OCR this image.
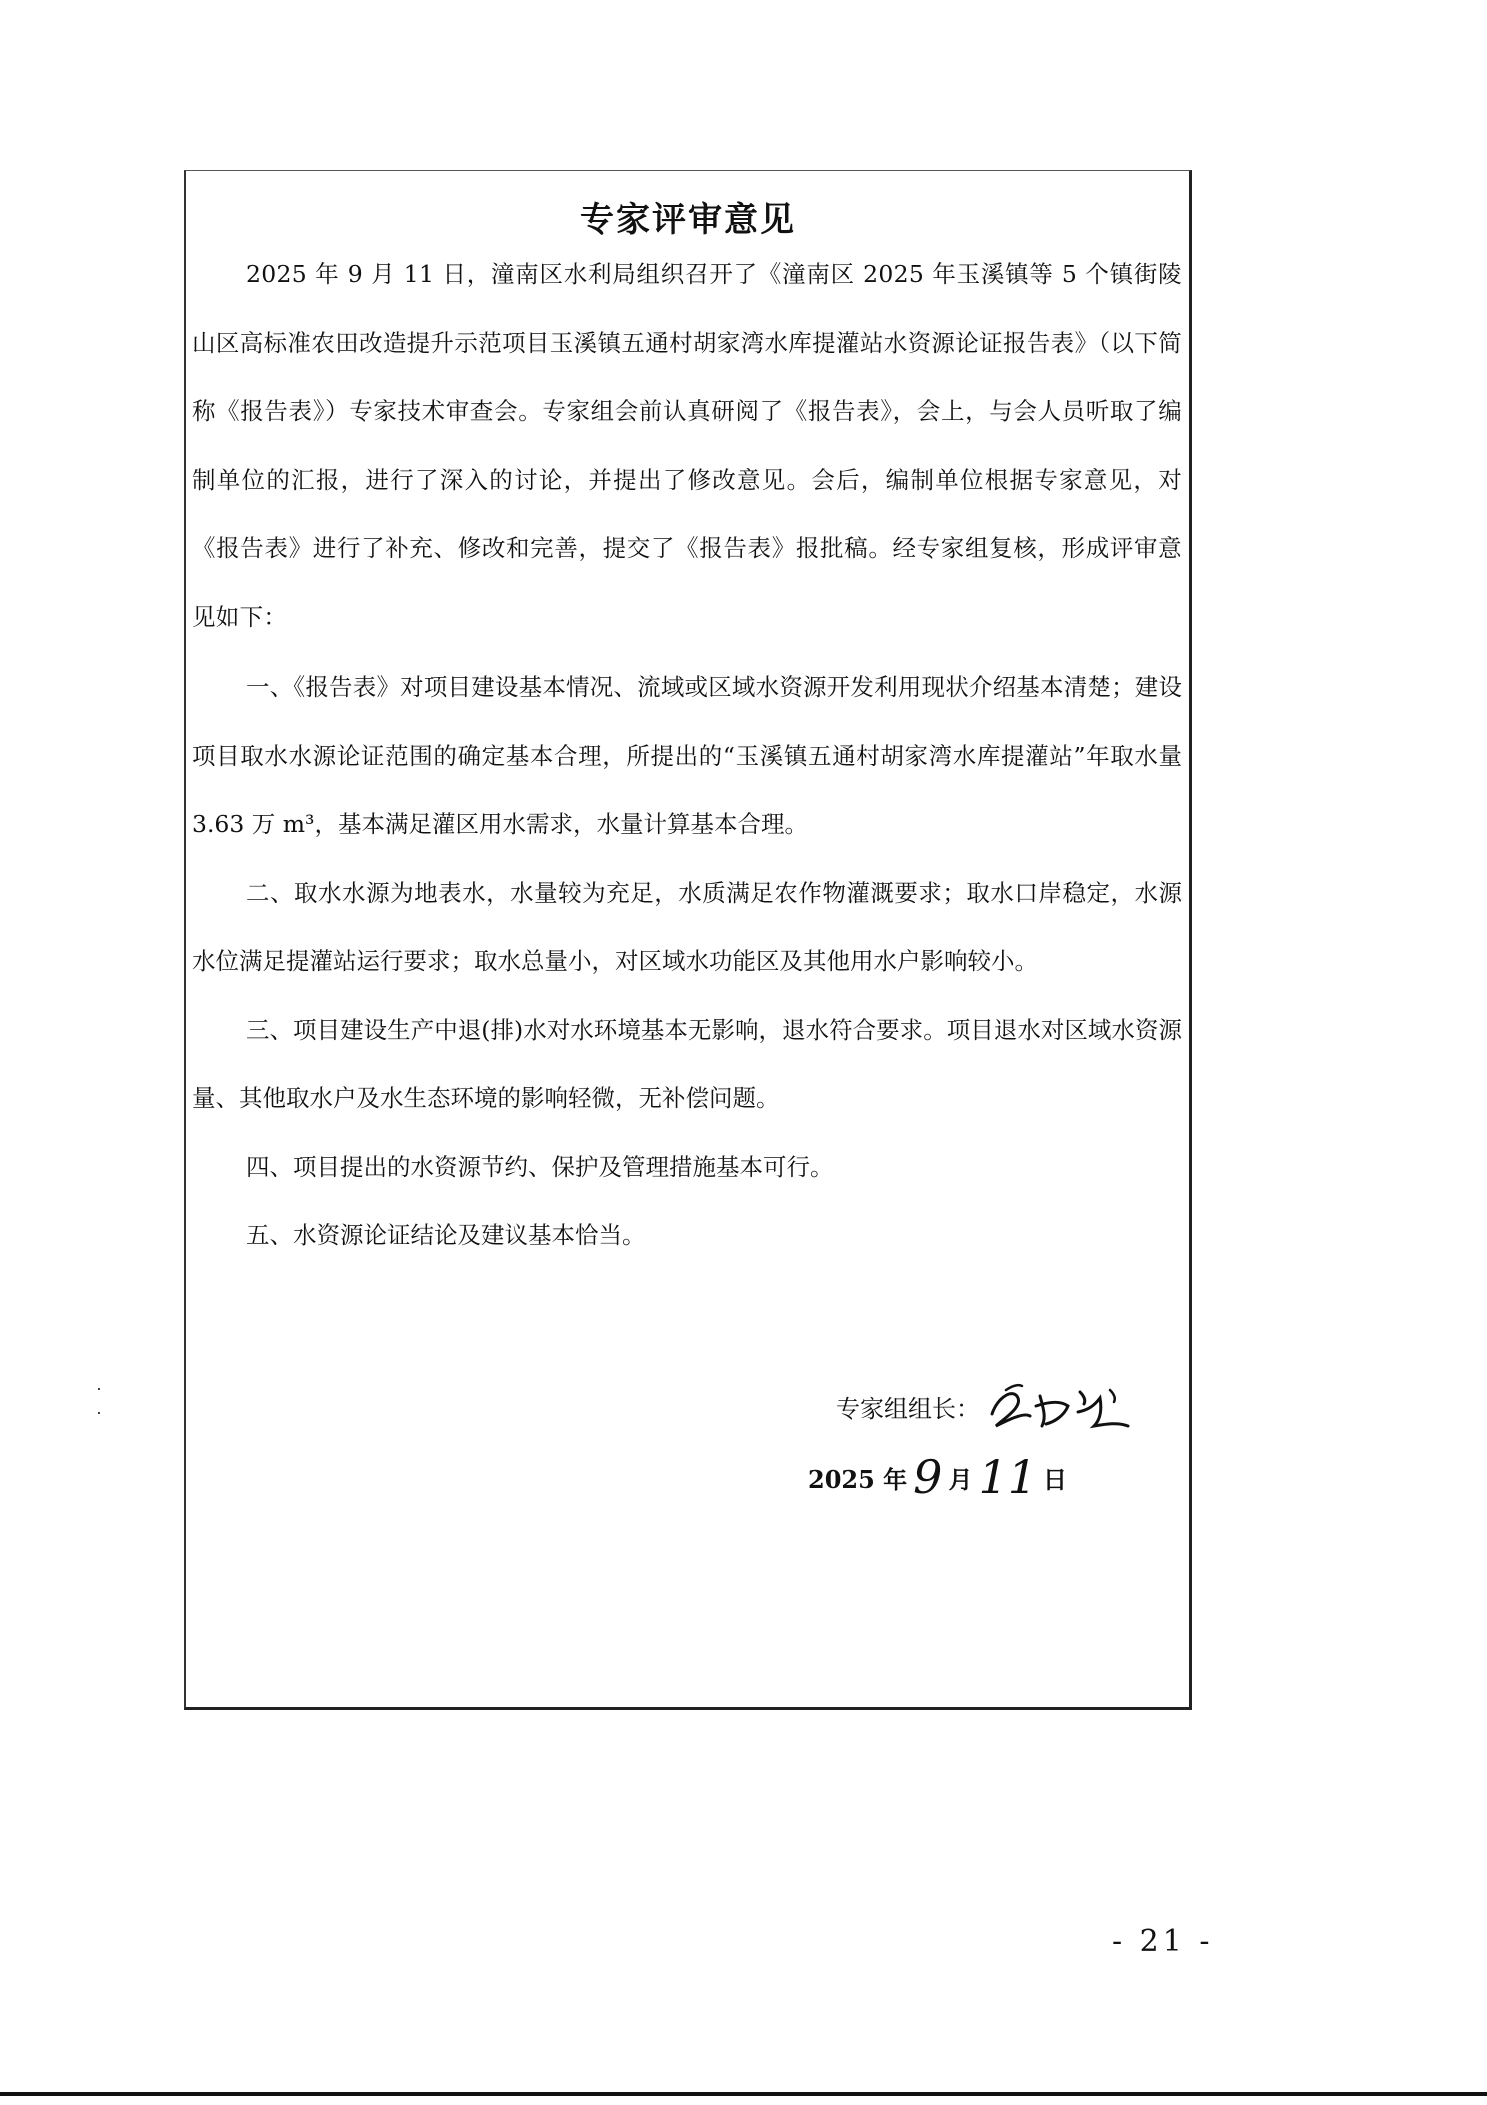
专家评审意见

2025 年 9 月 11 日，潼南区水利局组织召开了《潼南区 2025 年玉溪镇等 5 个镇街陵山区高标准农田改造提升示范项目玉溪镇五通村胡家湾水库提灌站水资源论证报告表》（以下简称《报告表》）专家技术审查会。专家组会前认真研阅了《报告表》，会上，与会人员听取了编制单位的汇报，进行了深入的讨论，并提出了修改意见。会后，编制单位根据专家意见，对《报告表》进行了补充、修改和完善，提交了《报告表》报批稿。经专家组复核，形成评审意见如下：

一、《报告表》对项目建设基本情况、流域或区域水资源开发利用现状介绍基本清楚；建设项目取水水源论证范围的确定基本合理，所提出的“玉溪镇五通村胡家湾水库提灌站”年取水量 3.63 万 m³，基本满足灌区用水需求，水量计算基本合理。

二、取水水源为地表水，水量较为充足，水质满足农作物灌溉要求；取水口岸稳定，水源水位满足提灌站运行要求；取水总量小，对区域水功能区及其他用水户影响较小。

三、项目建设生产中退(排)水对水环境基本无影响，退水符合要求。项目退水对区域水资源量、其他取水户及水生态环境的影响轻微，无补偿问题。

四、项目提出的水资源节约、保护及管理措施基本可行。

五、水资源论证结论及建议基本恰当。

专家组组长：
2025 年 9 月 11 日
- 21 -
